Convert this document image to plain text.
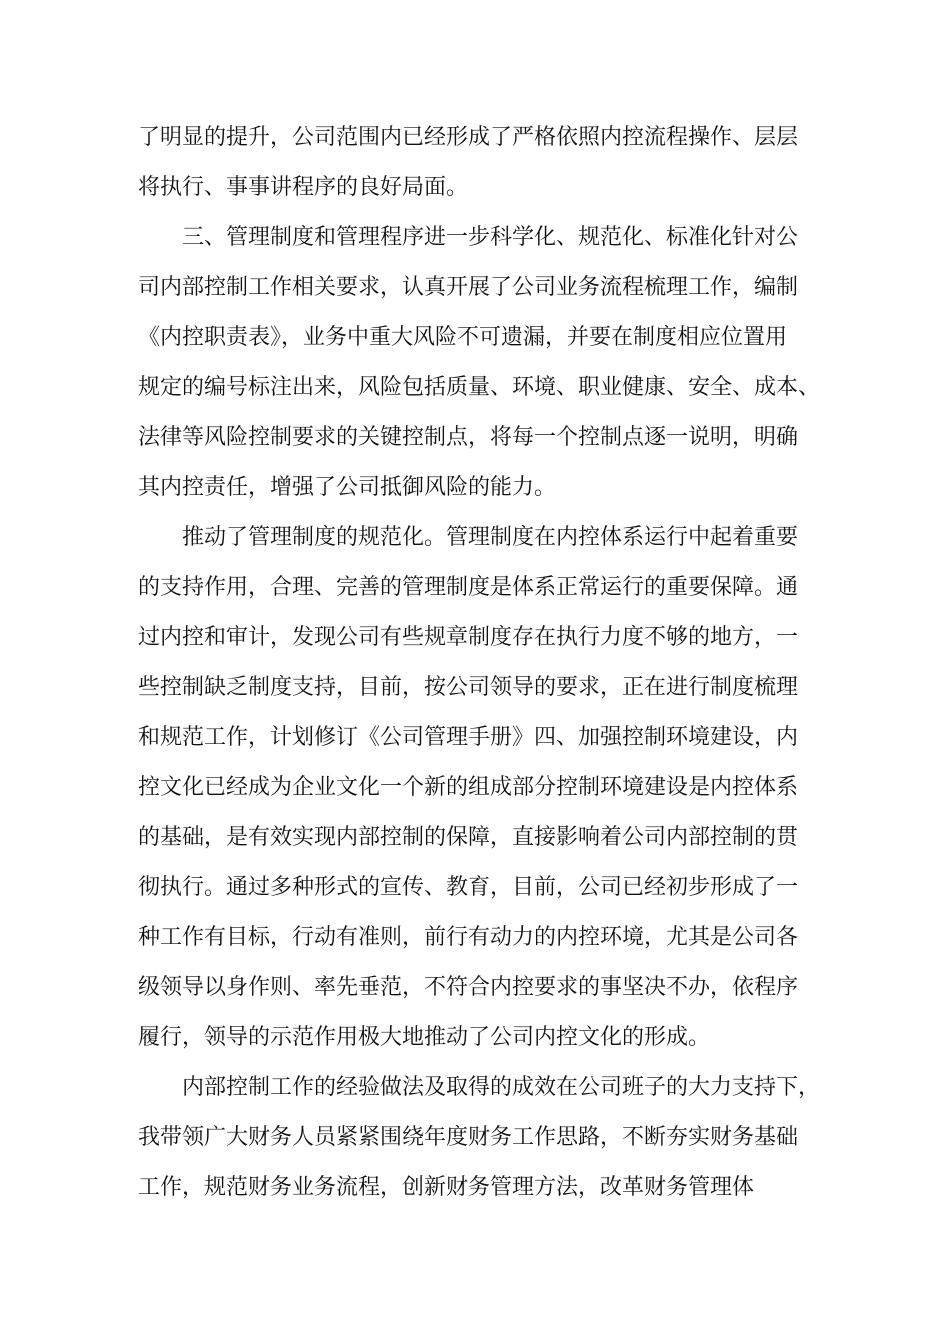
了明显的提升，公司范围内已经形成了严格依照内控流程操作、层层
将执行、事事讲程序的良好局面。
三、管理制度和管理程序进一步科学化、规范化、标准化针对公
司内部控制工作相关要求，认真开展了公司业务流程梳理工作，编制
《内控职责表》，业务中重大风险不可遗漏，并要在制度相应位置用
规定的编号标注出来，风险包括质量、环境、职业健康、安全、成本、
法律等风险控制要求的关键控制点，将每一个控制点逐一说明，明确
其内控责任，增强了公司抵御风险的能力。
推动了管理制度的规范化。管理制度在内控体系运行中起着重要
的支持作用，合理、完善的管理制度是体系正常运行的重要保障。通
过内控和审计，发现公司有些规章制度存在执行力度不够的地方，一
些控制缺乏制度支持，目前，按公司领导的要求，正在进行制度梳理
和规范工作，计划修订《公司管理手册》四、加强控制环境建设，内
控文化已经成为企业文化一个新的组成部分控制环境建设是内控体系
的基础，是有效实现内部控制的保障，直接影响着公司内部控制的贯
彻执行。通过多种形式的宣传、教育，目前，公司已经初步形成了一
种工作有目标，行动有准则，前行有动力的内控环境，尤其是公司各
级领导以身作则、率先垂范，不符合内控要求的事坚决不办，依程序
履行，领导的示范作用极大地推动了公司内控文化的形成。
内部控制工作的经验做法及取得的成效在公司班子的大力支持下，
我带领广大财务人员紧紧围绕年度财务工作思路，不断夯实财务基础
工作，规范财务业务流程，创新财务管理方法，改革财务管理体
